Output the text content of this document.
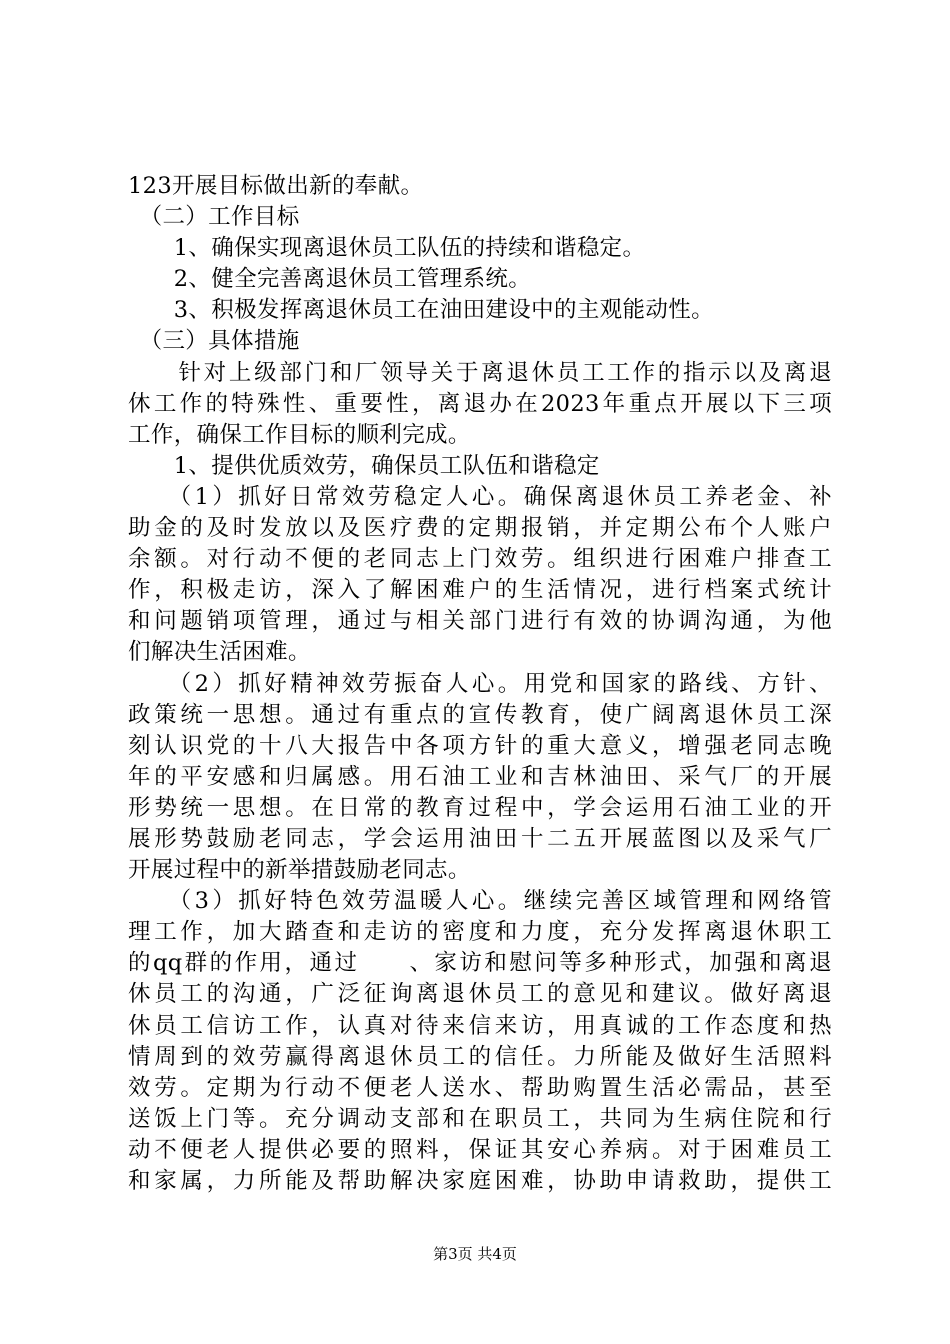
123开展目标做出新的奉献。
　（二）工作目标
　　1、确保实现离退休员工队伍的持续和谐稳定。
　　2、健全完善离退休员工管理系统。
　　3、积极发挥离退休员工在油田建设中的主观能动性。
　（三）具体措施
　　针对上级部门和厂领导关于离退休员工工作的指示以及离退
休工作的特殊性、重要性，离退办在2023年重点开展以下三项
工作，确保工作目标的顺利完成。
　　1、提供优质效劳，确保员工队伍和谐稳定
　　（1）抓好日常效劳稳定人心。确保离退休员工养老金、补
助金的及时发放以及医疗费的定期报销，并定期公布个人账户
余额。对行动不便的老同志上门效劳。组织进行困难户排查工
作，积极走访，深入了解困难户的生活情况，进行档案式统计
和问题销项管理，通过与相关部门进行有效的协调沟通，为他
们解决生活困难。
　　（2）抓好精神效劳振奋人心。用党和国家的路线、方针、
政策统一思想。通过有重点的宣传教育，使广阔离退休员工深
刻认识党的十八大报告中各项方针的重大意义，增强老同志晚
年的平安感和归属感。用石油工业和吉林油田、采气厂的开展
形势统一思想。在日常的教育过程中，学会运用石油工业的开
展形势鼓励老同志，学会运用油田十二五开展蓝图以及采气厂
开展过程中的新举措鼓励老同志。
　　（3）抓好特色效劳温暖人心。继续完善区域管理和网络管
理工作，加大踏查和走访的密度和力度，充分发挥离退休职工
的qq群的作用，通过　　、家访和慰问等多种形式，加强和离退
休员工的沟通，广泛征询离退休员工的意见和建议。做好离退
休员工信访工作，认真对待来信来访，用真诚的工作态度和热
情周到的效劳赢得离退休员工的信任。力所能及做好生活照料
效劳。定期为行动不便老人送水、帮助购置生活必需品，甚至
送饭上门等。充分调动支部和在职员工，共同为生病住院和行
动不便老人提供必要的照料，保证其安心养病。对于困难员工
和家属，力所能及帮助解决家庭困难，协助申请救助，提供工
第3页 共4页
